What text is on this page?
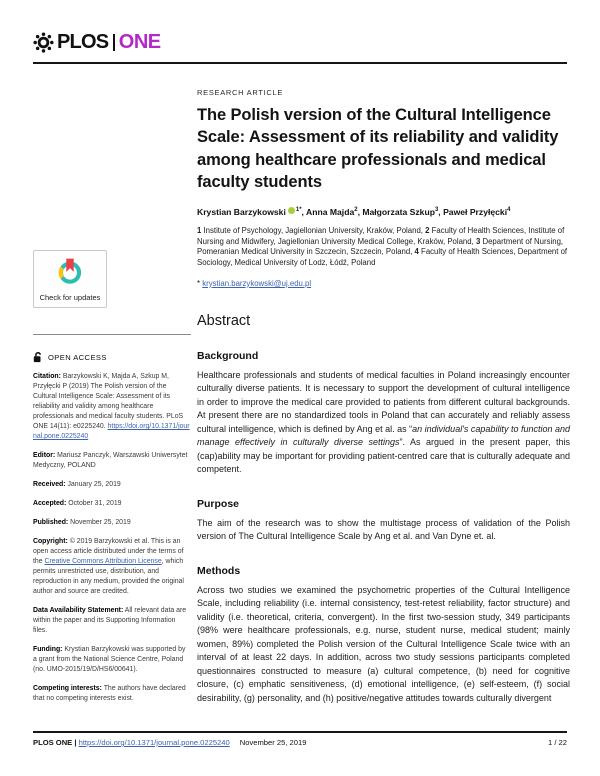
PLOS ONE
Check for updates
OPEN ACCESS

Citation: Barzykowski K, Majda A, Szkup M, Przyłęcki P (2019) The Polish version of the Cultural Intelligence Scale: Assessment of its reliability and validity among healthcare professionals and medical faculty students. PLoS ONE 14(11): e0225240. https://doi.org/10.1371/journal.pone.0225240

Editor: Mariusz Panczyk, Warszawski Uniwersytet Medyczny, POLAND

Received: January 25, 2019

Accepted: October 31, 2019

Published: November 25, 2019

Copyright: © 2019 Barzykowski et al. This is an open access article distributed under the terms of the Creative Commons Attribution License, which permits unrestricted use, distribution, and reproduction in any medium, provided the original author and source are credited.

Data Availability Statement: All relevant data are within the paper and its Supporting Information files.

Funding: Krystian Barzykowski was supported by a grant from the National Science Centre, Poland (no. UMO-2015/19/D/HS6/00641).

Competing interests: The authors have declared that no competing interests exist.

RESEARCH ARTICLE
The Polish version of the Cultural Intelligence Scale: Assessment of its reliability and validity among healthcare professionals and medical faculty students

Krystian Barzykowski $^{1*}$, Anna Majda$^2$, Małgorzata Szkup$^3$, Paweł Przyłęcki$^4$

1 Institute of Psychology, Jagiellonian University, Kraków, Poland, 2 Faculty of Health Sciences, Institute of Nursing and Midwifery, Jagiellonian University Medical College, Kraków, Poland, 3 Department of Nursing, Pomeranian Medical University in Szczecin, Szczecin, Poland, 4 Faculty of Health Sciences, Department of Sociology, Medical University of Lodz, Łódź, Poland

* krystian.barzykowski@uj.edu.pl

Abstract
Background

Healthcare professionals and students of medical faculties in Poland increasingly encounter culturally diverse patients. It is necessary to support the development of cultural intelligence in order to improve the medical care provided to patients from different cultural backgrounds. At present there are no standardized tools in Poland that can accurately and reliably assess cultural intelligence, which is defined by Ang et al. as “an individual's capability to function and manage effectively in culturally diverse settings”. As argued in the present paper, this (cap)ability may be important for providing patient-centred care that is culturally adequate and competent.

Purpose

The aim of the research was to show the multistage process of validation of the Polish version of The Cultural Intelligence Scale by Ang et al. and Van Dyne et. al.

Methods

Across two studies we examined the psychometric properties of the Cultural Intelligence Scale, including reliability (i.e. internal consistency, test-retest reliability, factor structure) and validity (i.e. theoretical, criteria, convergent). In the first two-session study, 349 participants (98% were healthcare professionals, e.g. nurse, student nurse, medical student; mainly women, 89%) completed the Polish version of the Cultural Intelligence Scale twice with an interval of at least 22 days. In addition, across two study sessions participants completed questionnaires constructed to measure (a) cultural competence, (b) need for cognitive closure, (c) emphatic sensitiveness, (d) emotional intelligence, (e) self-esteem, (f) social desirability, (g) personality, and (h) positive/negative attitudes towards culturally divergent

PLOS ONE | https://doi.org/10.1371/journal.pone.0225240 November 25, 2019	1 / 22
